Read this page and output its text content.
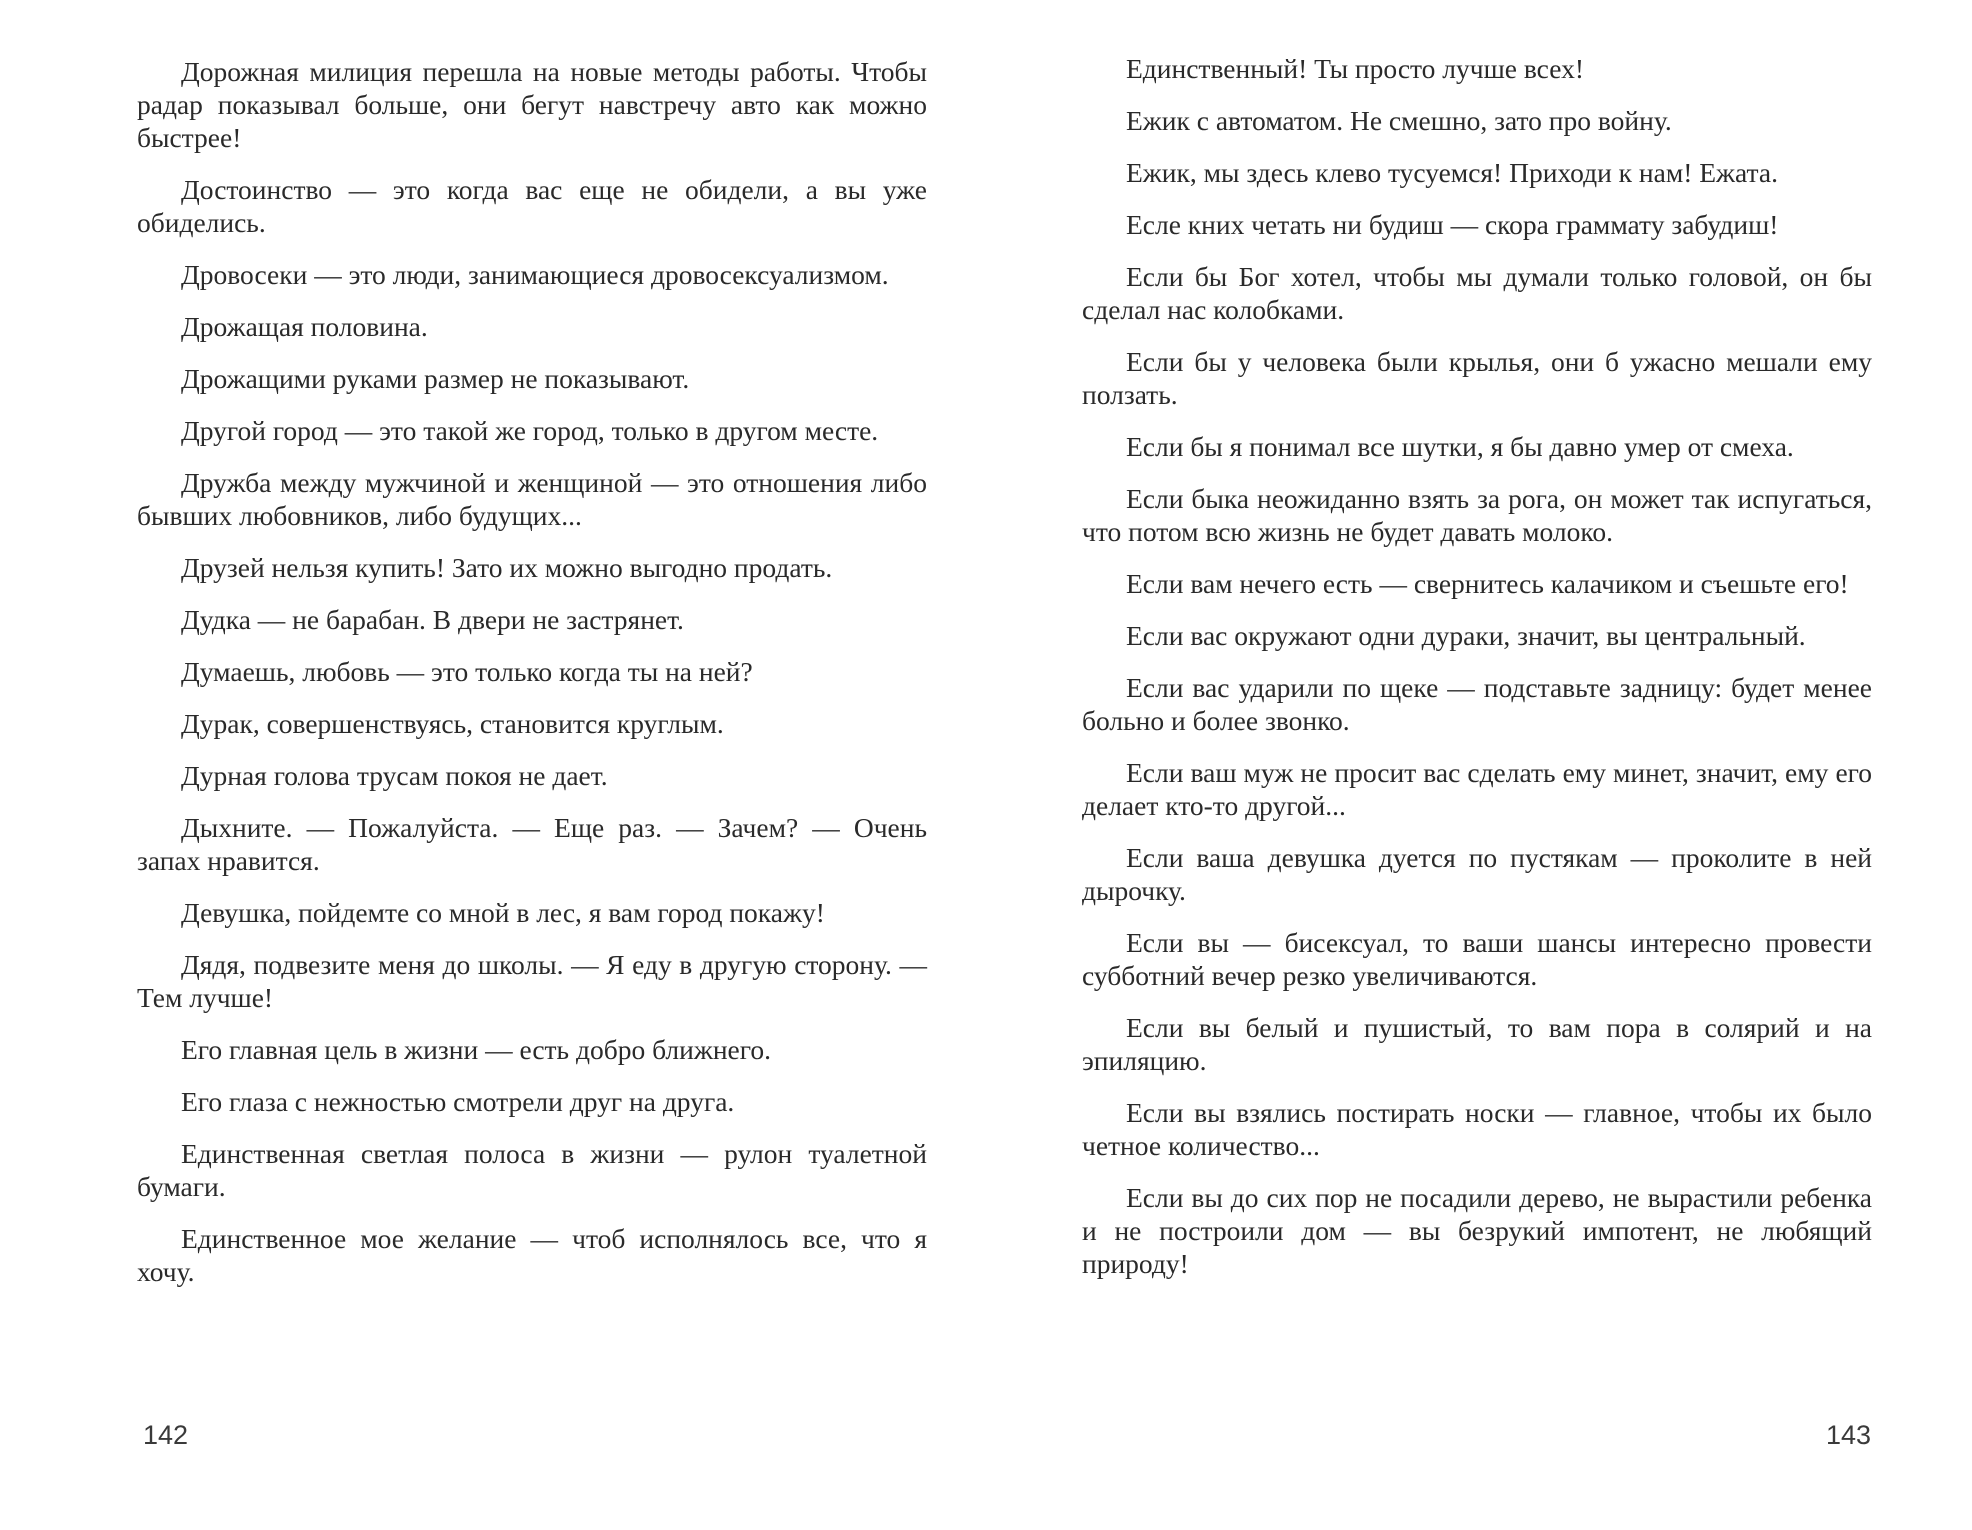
Дорожная милиция перешла на новые методы работы. Чтобы радар показывал больше, они бегут навстречу авто как можно быстрее!

Достоинство — это когда вас еще не обидели, а вы уже обиделись.

Дровосеки — это люди, занимающиеся дровосексуализмом.

Дрожащая половина.

Дрожащими руками размер не показывают.

Другой город — это такой же город, только в другом месте.

Дружба между мужчиной и женщиной — это отношения либо бывших любовников, либо будущих...

Друзей нельзя купить! Зато их можно выгодно продать.

Дудка — не барабан. В двери не застрянет.

Думаешь, любовь — это только когда ты на ней?

Дурак, совершенствуясь, становится круглым.

Дурная голова трусам покоя не дает.

Дыхните. — Пожалуйста. — Еще раз. — Зачем? — Очень запах нравится.

Девушка, пойдемте со мной в лес, я вам город покажу!

Дядя, подвезите меня до школы. — Я еду в другую сторону. — Тем лучше!

Его главная цель в жизни — есть добро ближнего.

Его глаза с нежностью смотрели друг на друга.

Единственная светлая полоса в жизни — рулон туалетной бумаги.

Единственное мое желание — чтоб исполнялось все, что я хочу.

142

Единственный! Ты просто лучше всех!

Ежик с автоматом. Не смешно, зато про войну.

Ежик, мы здесь клево тусуемся! Приходи к нам! Ежата.

Есле кних четать ни будиш — скора граммату забудиш!

Если бы Бог хотел, чтобы мы думали только головой, он бы сделал нас колобками.

Если бы у человека были крылья, они б ужасно мешали ему ползать.

Если бы я понимал все шутки, я бы давно умер от смеха.

Если быка неожиданно взять за рога, он может так испугаться, что потом всю жизнь не будет давать молоко.

Если вам нечего есть — свернитесь калачиком и съешьте его!

Если вас окружают одни дураки, значит, вы центральный.

Если вас ударили по щеке — подставьте задницу: будет менее больно и более звонко.

Если ваш муж не просит вас сделать ему минет, значит, ему его делает кто-то другой...

Если ваша девушка дуется по пустякам — проколите в ней дырочку.

Если вы — бисексуал, то ваши шансы интересно провести субботний вечер резко увеличиваются.

Если вы белый и пушистый, то вам пора в солярий и на эпиляцию.

Если вы взялись постирать носки — главное, чтобы их было четное количество...

Если вы до сих пор не посадили дерево, не вырастили ребенка и не построили дом — вы безрукий импотент, не любящий природу!

143
